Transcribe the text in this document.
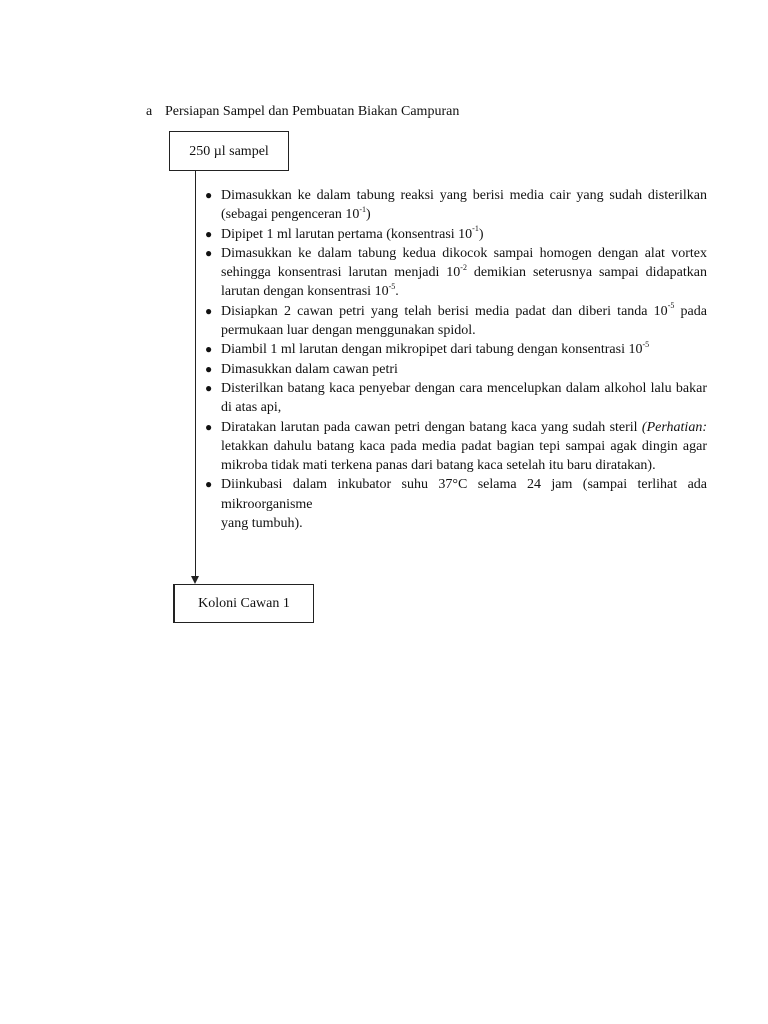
a Persiapan Sampel dan Pembuatan Biakan Campuran
250 µl sampel
● Dimasukkan ke dalam tabung reaksi yang berisi media cair yang sudah disterilkan (sebagai pengenceran $10^{-1}$)
● Dipipet 1 ml larutan pertama (konsentrasi $10^{-1}$)
● Dimasukkan ke dalam tabung kedua dikocok sampai homogen dengan alat vortex sehingga konsentrasi larutan menjadi $10^{-2}$ demikian seterusnya sampai didapatkan larutan dengan konsentrasi $10^{-5}$.
● Disiapkan 2 cawan petri yang telah berisi media padat dan diberi tanda $10^{-5}$ pada permukaan luar dengan menggunakan spidol.
● Diambil 1 ml larutan dengan mikropipet dari tabung dengan konsentrasi $10^{-5}$
● Dimasukkan dalam cawan petri
● Disterilkan batang kaca penyebar dengan cara mencelupkan dalam alkohol lalu bakar di atas api,
● Diratakan larutan pada cawan petri dengan batang kaca yang sudah steril (Perhatian: letakkan dahulu batang kaca pada media padat bagian tepi sampai agak dingin agar mikroba tidak mati terkena panas dari batang kaca setelah itu baru diratakan).
● Diinkubasi dalam inkubator suhu 37°C selama 24 jam (sampai terlihat ada mikroorganisme
yang tumbuh).
Koloni Cawan 1
